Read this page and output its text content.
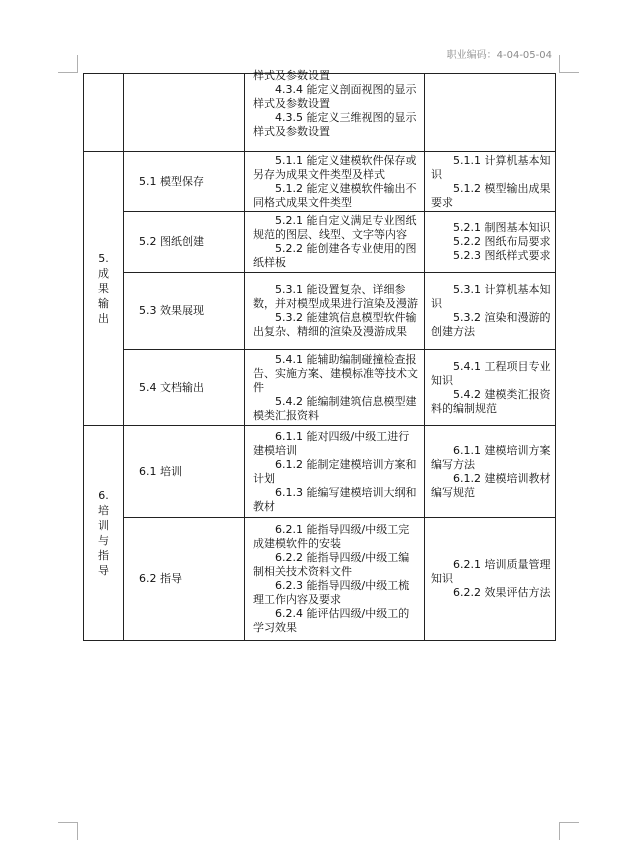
职业编码：4-04-05-04

		样式及参数设置
4.3.4 能定义剖面视图的显示样式及参数设置
4.3.5 能定义三维视图的显示样式及参数设置	

5.成果输出	5.1 模型保存	5.1.1 能定义建模软件保存或另存为成果文件类型及样式
5.1.2 能定义建模软件输出不同格式成果文件类型	5.1.1 计算机基本知识
5.1.2 模型输出成果要求

	5.2 图纸创建	5.2.1 能自定义满足专业图纸规范的图层、线型、文字等内容
5.2.2 能创建各专业使用的图纸样板	5.2.1 制图基本知识
5.2.2 图纸布局要求
5.2.3 图纸样式要求

	5.3 效果展现	5.3.1 能设置复杂、详细参数，并对模型成果进行渲染及漫游
5.3.2 能建筑信息模型软件输出复杂、精细的渲染及漫游成果	5.3.1 计算机基本知识
5.3.2 渲染和漫游的创建方法

	5.4 文档输出	5.4.1 能辅助编制碰撞检查报告、实施方案、建模标准等技术文件
5.4.2 能编制建筑信息模型建模类汇报资料	5.4.1 工程项目专业知识
5.4.2 建模类汇报资料的编制规范

6.培训与指导	6.1 培训	6.1.1 能对四级/中级工进行建模培训
6.1.2 能制定建模培训方案和计划
6.1.3 能编写建模培训大纲和教材	6.1.1 建模培训方案编写方法
6.1.2 建模培训教材编写规范

	6.2 指导	6.2.1 能指导四级/中级工完成建模软件的安装
6.2.2 能指导四级/中级工编制相关技术资料文件
6.2.3 能指导四级/中级工梳理工作内容及要求
6.2.4 能评估四级/中级工的学习效果	6.2.1 培训质量管理知识
6.2.2 效果评估方法
